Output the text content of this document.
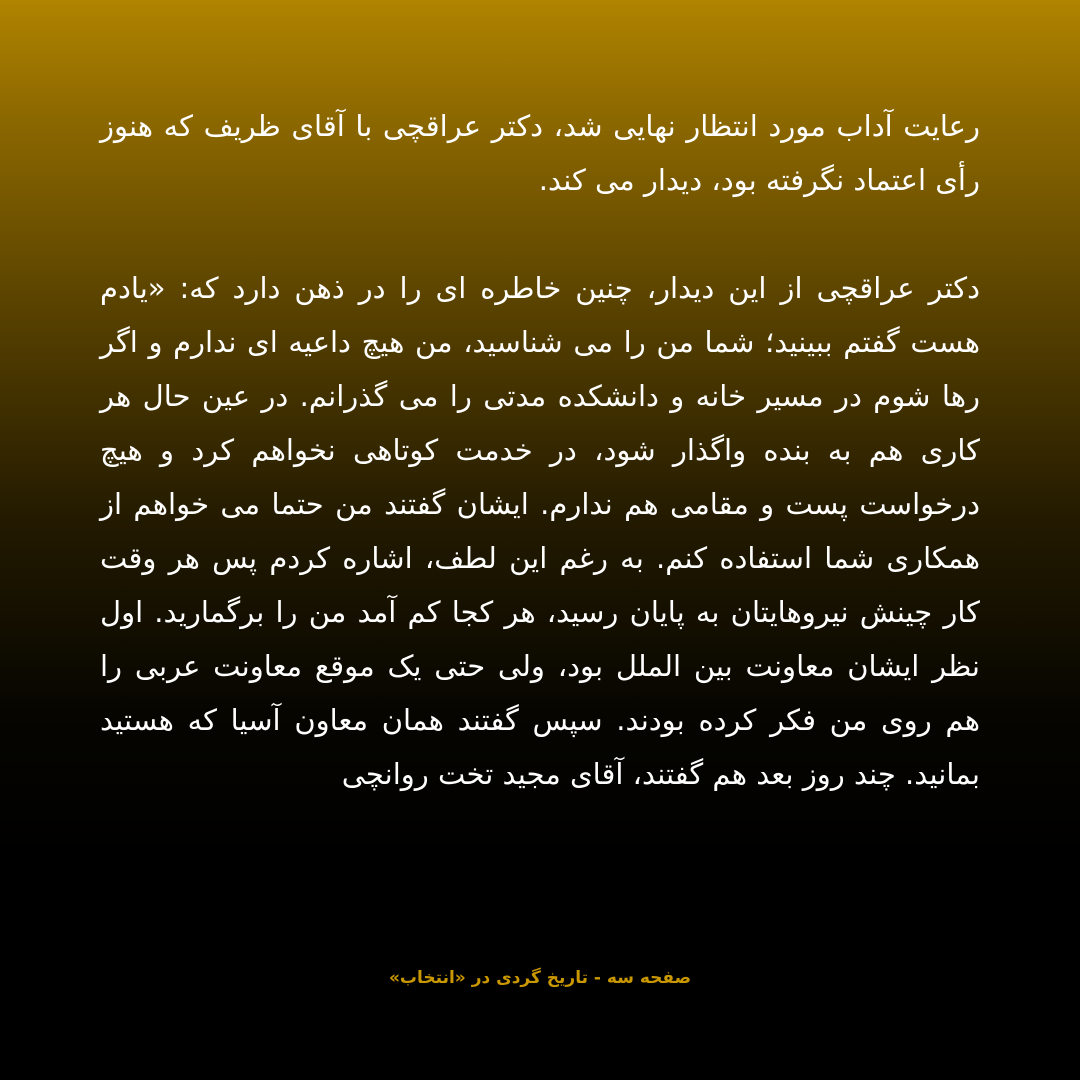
رعایت آداب مورد انتظار نهایی شد، دکتر عراقچی با آقای ظریف که هنوز رأی اعتماد نگرفته بود، دیدار می کند.

دکتر عراقچی از این دیدار، چنین خاطره ای را در ذهن دارد که: «یادم هست گفتم ببینید؛ شما من را می شناسید، من هیچ داعیه ای ندارم و اگر رها شوم در مسیر خانه و دانشکده مدتی را می گذرانم. در عین حال هر کاری هم به بنده واگذار شود، در خدمت کوتاهی نخواهم کرد و هیچ درخواست پست و مقامی هم ندارم. ایشان گفتند من حتما می خواهم از همکاری شما استفاده کنم. به رغم این لطف، اشاره کردم پس هر وقت کار چینش نیروهایتان به پایان رسید، هر کجا کم آمد من را برگمارید. اول نظر ایشان معاونت بین الملل بود، ولی حتی یک موقع معاونت عربی را هم روی من فکر کرده بودند. سپس گفتند همان معاون آسیا که هستید بمانید. چند روز بعد هم گفتند، آقای مجید تخت روانچی

صفحه سه - تاریخ گردی در «انتخاب»
